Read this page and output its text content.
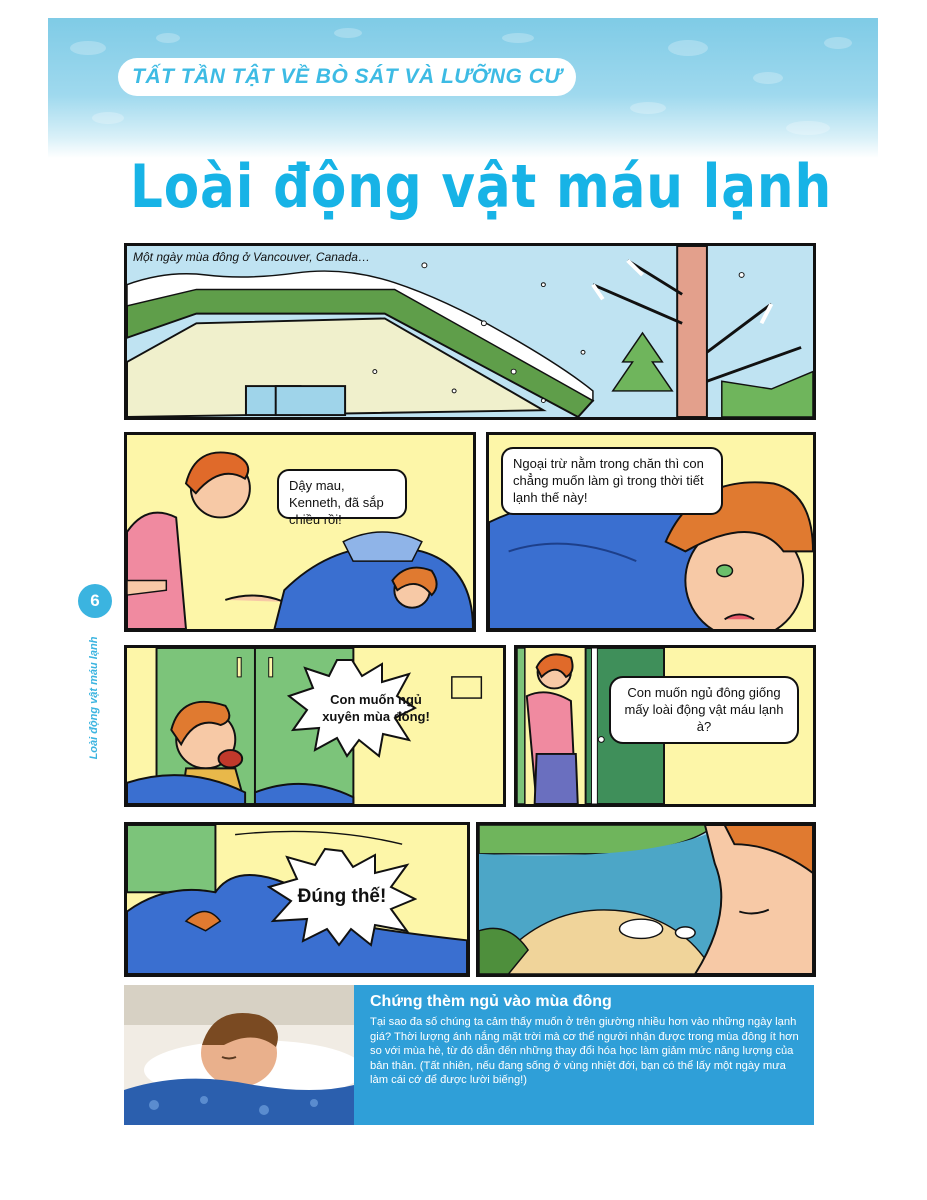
TẤT TẦN TẬT VỀ BÒ SÁT VÀ LƯỠNG CƯ
Loài động vật máu lạnh
6
Loài động vật máu lạnh
Một ngày mùa đông ở Vancouver, Canada…
Dậy mau, Kenneth, đã sắp chiều rồi!
Ngoại trừ nằm trong chăn thì con chẳng muốn làm gì trong thời tiết lạnh thế này!
Con muốn ngủ xuyên mùa đông!
Con muốn ngủ đông giống mấy loài động vật máu lạnh à?
Đúng thế!

Chứng thèm ngủ vào mùa đông

Tại sao đa số chúng ta cảm thấy muốn ở trên giường nhiều hơn vào những ngày lạnh giá? Thời lượng ánh nắng mặt trời mà cơ thể người nhận được trong mùa đông ít hơn so với mùa hè, từ đó dẫn đến những thay đổi hóa học làm giảm mức năng lượng của bản thân. (Tất nhiên, nếu đang sống ở vùng nhiệt đới, bạn có thể lấy một ngày mưa làm cái cớ để được lười biếng!)
